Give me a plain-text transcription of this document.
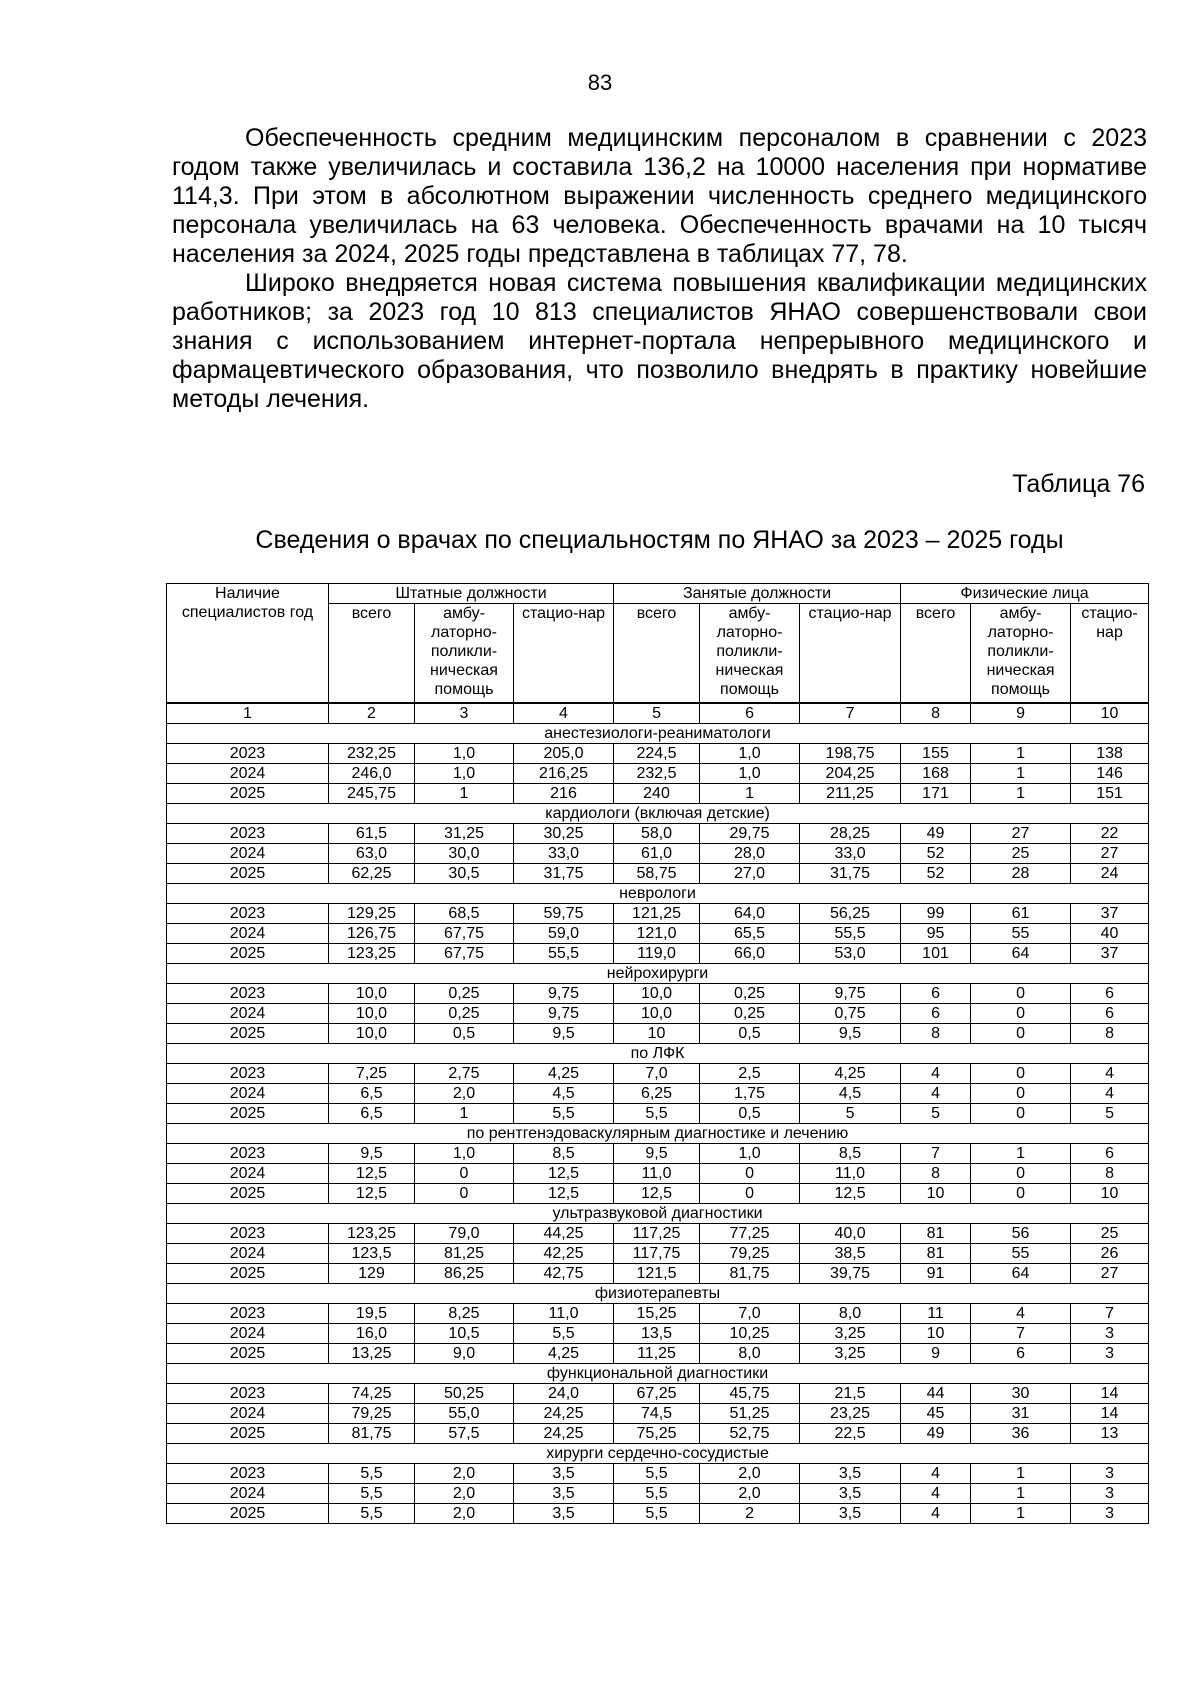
83

Обеспеченность средним медицинским персоналом в сравнении с 2023 годом также увеличилась и составила 136,2 на 10000 населения при нормативе 114,3. При этом в абсолютном выражении численность среднего медицинского персонала увеличилась на 63 человека. Обеспеченность врачами на 10 тысяч населения за 2024, 2025 годы представлена в таблицах 77, 78.

Широко внедряется новая система повышения квалификации медицинских работников; за 2023 год 10 813 специалистов ЯНАО совершенствовали свои знания с использованием интернет-портала непрерывного медицинского и фармацевтического образования, что позволило внедрять в практику новейшие методы лечения.

Таблица 76
Сведения о врачах по специальностям по ЯНАО за 2023 – 2025 годы
Наличие специалистов год	Штатные должности			Занятые должности			Физические лица		
	всего	амбу-латорно-поликли-ническая помощь	стацио-нар	всего	амбу-латорно-поликли-ническая помощь	стацио-нар	всего	амбу-латорно-поликли-ническая помощь	стацио-нар
1	2	3	4	5	6	7	8	9	10
анестезиологи-реаниматологи									
2023	232,25	1,0	205,0	224,5	1,0	198,75	155	1	138
2024	246,0	1,0	216,25	232,5	1,0	204,25	168	1	146
2025	245,75	1	216	240	1	211,25	171	1	151
кардиологи (включая детские)									
2023	61,5	31,25	30,25	58,0	29,75	28,25	49	27	22
2024	63,0	30,0	33,0	61,0	28,0	33,0	52	25	27
2025	62,25	30,5	31,75	58,75	27,0	31,75	52	28	24
неврологи									
2023	129,25	68,5	59,75	121,25	64,0	56,25	99	61	37
2024	126,75	67,75	59,0	121,0	65,5	55,5	95	55	40
2025	123,25	67,75	55,5	119,0	66,0	53,0	101	64	37
нейрохирурги									
2023	10,0	0,25	9,75	10,0	0,25	9,75	6	0	6
2024	10,0	0,25	9,75	10,0	0,25	0,75	6	0	6
2025	10,0	0,5	9,5	10	0,5	9,5	8	0	8
по ЛФК									
2023	7,25	2,75	4,25	7,0	2,5	4,25	4	0	4
2024	6,5	2,0	4,5	6,25	1,75	4,5	4	0	4
2025	6,5	1	5,5	5,5	0,5	5	5	0	5
по рентгенэдоваскулярным диагностике и лечению									
2023	9,5	1,0	8,5	9,5	1,0	8,5	7	1	6
2024	12,5	0	12,5	11,0	0	11,0	8	0	8
2025	12,5	0	12,5	12,5	0	12,5	10	0	10
ультразвуковой диагностики									
2023	123,25	79,0	44,25	117,25	77,25	40,0	81	56	25
2024	123,5	81,25	42,25	117,75	79,25	38,5	81	55	26
2025	129	86,25	42,75	121,5	81,75	39,75	91	64	27
физиотерапевты									
2023	19,5	8,25	11,0	15,25	7,0	8,0	11	4	7
2024	16,0	10,5	5,5	13,5	10,25	3,25	10	7	3
2025	13,25	9,0	4,25	11,25	8,0	3,25	9	6	3
функциональной диагностики									
2023	74,25	50,25	24,0	67,25	45,75	21,5	44	30	14
2024	79,25	55,0	24,25	74,5	51,25	23,25	45	31	14
2025	81,75	57,5	24,25	75,25	52,75	22,5	49	36	13
хирурги сердечно-сосудистые									
2023	5,5	2,0	3,5	5,5	2,0	3,5	4	1	3
2024	5,5	2,0	3,5	5,5	2,0	3,5	4	1	3
2025	5,5	2,0	3,5	5,5	2	3,5	4	1	3
